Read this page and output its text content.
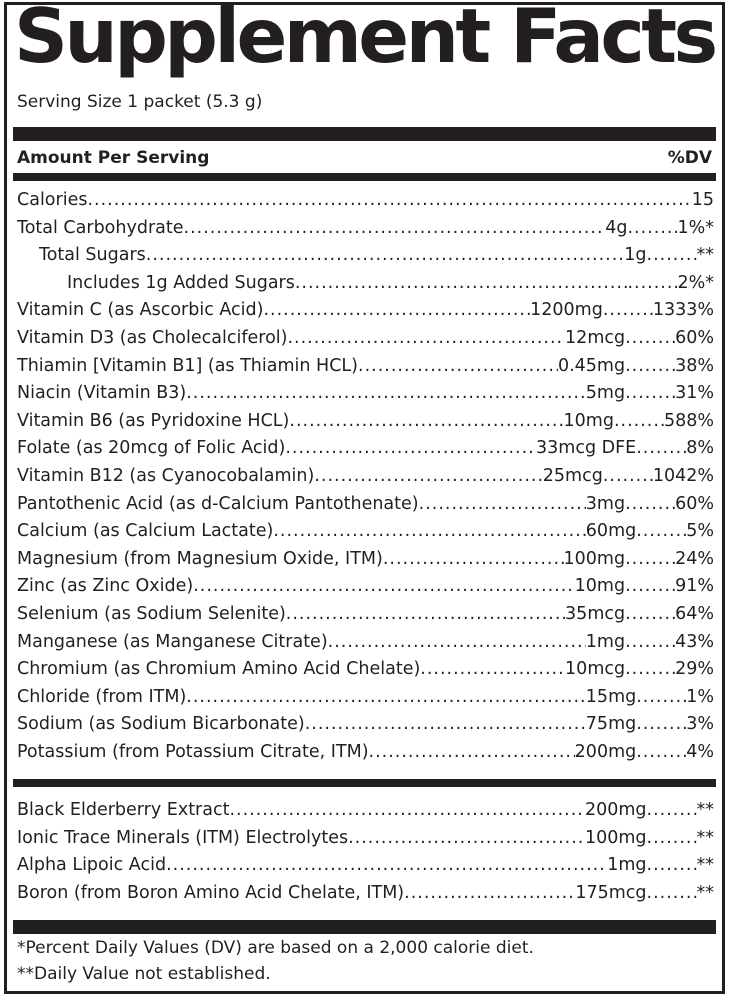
Supplement Facts
Serving Size 1 packet (5.3 g)
Amount Per Serving	%DV
Calories .....	15
Total Carbohydrate .....	4g .....	1%*
Total Sugars .....	1g .....	**
Includes 1g Added Sugars ..... .....	2%*
Vitamin C (as Ascorbic Acid) .....	1200mg .....	1333%
Vitamin D3 (as Cholecalciferol) .....	12mcg .....	60%
Thiamin [Vitamin B1] (as Thiamin HCL) .....	0.45mg .....	38%
Niacin (Vitamin B3) .....	5mg .....	31%
Vitamin B6 (as Pyridoxine HCL) .....	10mg .....	588%
Folate (as 20mcg of Folic Acid) .....	33mcg DFE .....	8%
Vitamin B12 (as Cyanocobalamin) .....	25mcg .....	1042%
Pantothenic Acid (as d-Calcium Pantothenate) .....	3mg .....	60%
Calcium (as Calcium Lactate) .....	60mg .....	5%
Magnesium (from Magnesium Oxide, ITM) .....	100mg .....	24%
Zinc (as Zinc Oxide) .....	10mg .....	91%
Selenium (as Sodium Selenite) .....	35mcg .....	64%
Manganese (as Manganese Citrate) .....	1mg .....	43%
Chromium (as Chromium Amino Acid Chelate) .....	10mcg .....	29%
Chloride (from ITM) .....	15mg .....	1%
Sodium (as Sodium Bicarbonate) .....	75mg .....	3%
Potassium (from Potassium Citrate, ITM) .....	200mg .....	4%
Black Elderberry Extract .....	200mg .....	**
Ionic Trace Minerals (ITM) Electrolytes .....	100mg .....	**
Alpha Lipoic Acid .....	1mg .....	**
Boron (from Boron Amino Acid Chelate, ITM) .....	175mcg .....	**
*Percent Daily Values (DV) are based on a 2,000 calorie diet.
**Daily Value not established.
